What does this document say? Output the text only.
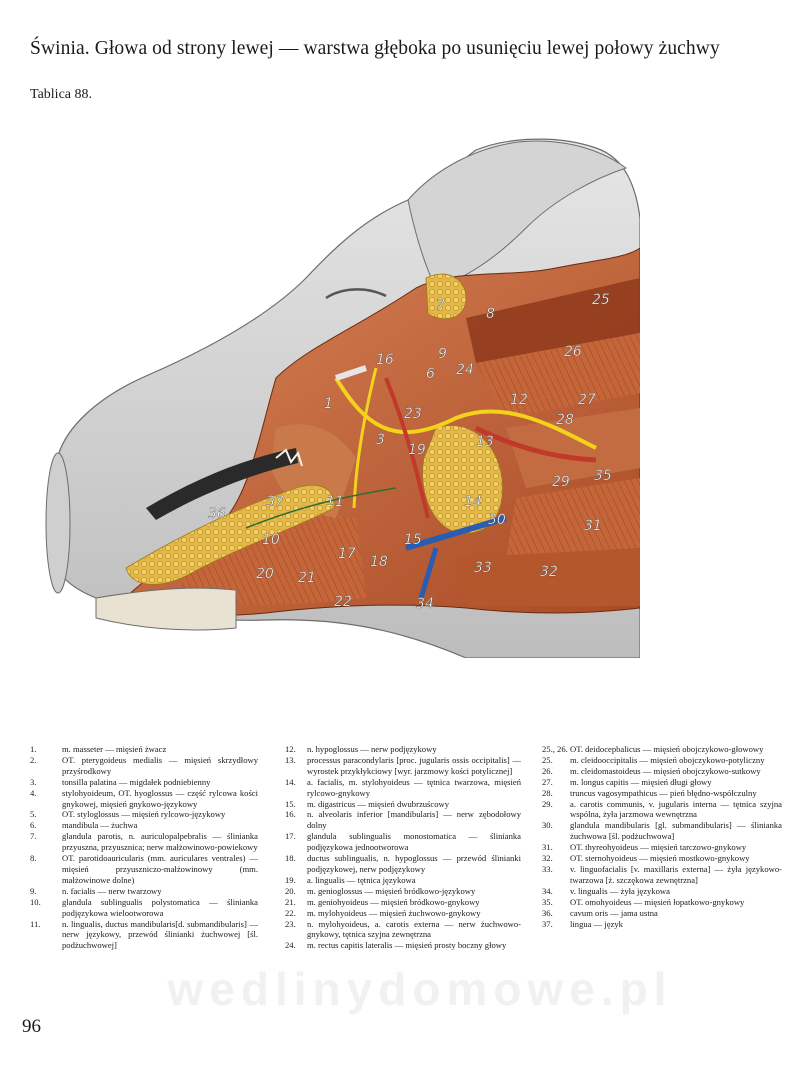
Świnia. Głowa od strony lewej — warstwa głęboka po usunięciu lewej połowy żuchwy
Tablica 88.
1
3
6
7	8
9
10
11
12
13
14
15
16
17 18
19
20 21
22
23
24
25
26
27
28
29
30	31
32
33
34
35
36
37
1.	m. masseter — mięsień żwacz
2.	OT. pterygoideus medialis — mięsień skrzydłowy przyśrodkowy
3.	tonsilla palatina — migdałek podniebienny
4.	stylohyoideum, OT. hyoglossus — część rylcowa kości gnykowej, mięsień gnykowo-językowy
5.	OT. styloglossus — mięsień rylcowo-językowy
6.	mandibula — żuchwa
7.	glandula parotis, n. auriculopalpebralis — ślinianka przyuszna, przyusznica; nerw małżowinowo-powiekowy
8.	OT. parotidoauricularis (mm. auriculares ventrales) — mięsień przyuszniczo-małżowinowy (mm. małżowinowe dolne)
9.	n. facialis — nerw twarzowy
10.	glandula sublingualis polystomatica — ślinianka podjęzykowa wielootworowa
11.	n. lingualis, ductus mandibularis[d. submandibularis] — nerw językowy, przewód ślinianki żuchwowej [śl. podżuchwowej]
12.	n. hypoglossus — nerw podjęzykowy
13.	processus paracondylaris [proc. jugularis ossis occipitalis] — wyrostek przykłykciowy [wyr. jarzmowy kości potylicznej]
14.	a. facialis, m. stylohyoideus — tętnica twarzowa, mięsień rylcowo-gnykowy
15.	m. digastricus — mięsień dwubrzuścowy
16.	n. alveolaris inferior [mandibularis] — nerw zębodołowy dolny
17.	glandula sublingualis monostomatica — ślinianka podjęzykowa jednootworowa
18.	ductus sublingualis, n. hypoglossus — przewód ślinianki podjęzykowej, nerw podjęzykowy
19.	a. lingualis — tętnica językowa
20.	m. genioglossus — mięsień bródkowo-językowy
21.	m. geniohyoideus — mięsień bródkowo-gnykowy
22.	m. mylohyoideus — mięsień żuchwowo-gnykowy
23.	n. mylohyoideus, a. carotis externa — nerw żuchwowo-gnykowy, tętnica szyjna zewnętrzna
24.	m. rectus capitis lateralis — mięsień prosty boczny głowy
25., 26. OT. deidocepbalicus — mięsień obojczykowo-głowowy
25.	m. cleidooccipitalis — mięsień obojczykowo-potyliczny
26.	m. cleidomastoideus — mięsień obojczykowo-sutkowy
27.	m. longus capitis — mięsień długi głowy
28.	truncus vagosympathicus — pień błędno-współczulny
29.	a. carotis communis, v. jugularis interna — tętnica szyjna wspólna, żyła jarzmowa wewnętrzna
30.	glandula mandibularis [gl. submandibularis] — ślinianka żuchwowa [śl. podżuchwowa]
31.	OT. thyreohyoideus — mięsień tarczowo-gnykowy
32.	OT. sternohyoideus — mięsień mostkowo-gnykowy
33.	v. linguofacialis [v. maxillaris externa] — żyła językowo-twarzowa [ż. szczękowa zewnętrzna]
34.	v. lingualis — żyła językowa
35.	OT. omohyoideus — mięsień łopatkowo-gnykowy
36.	cavum oris — jama ustna
37.	lingua — język
wedlinydomowe.pl
96
